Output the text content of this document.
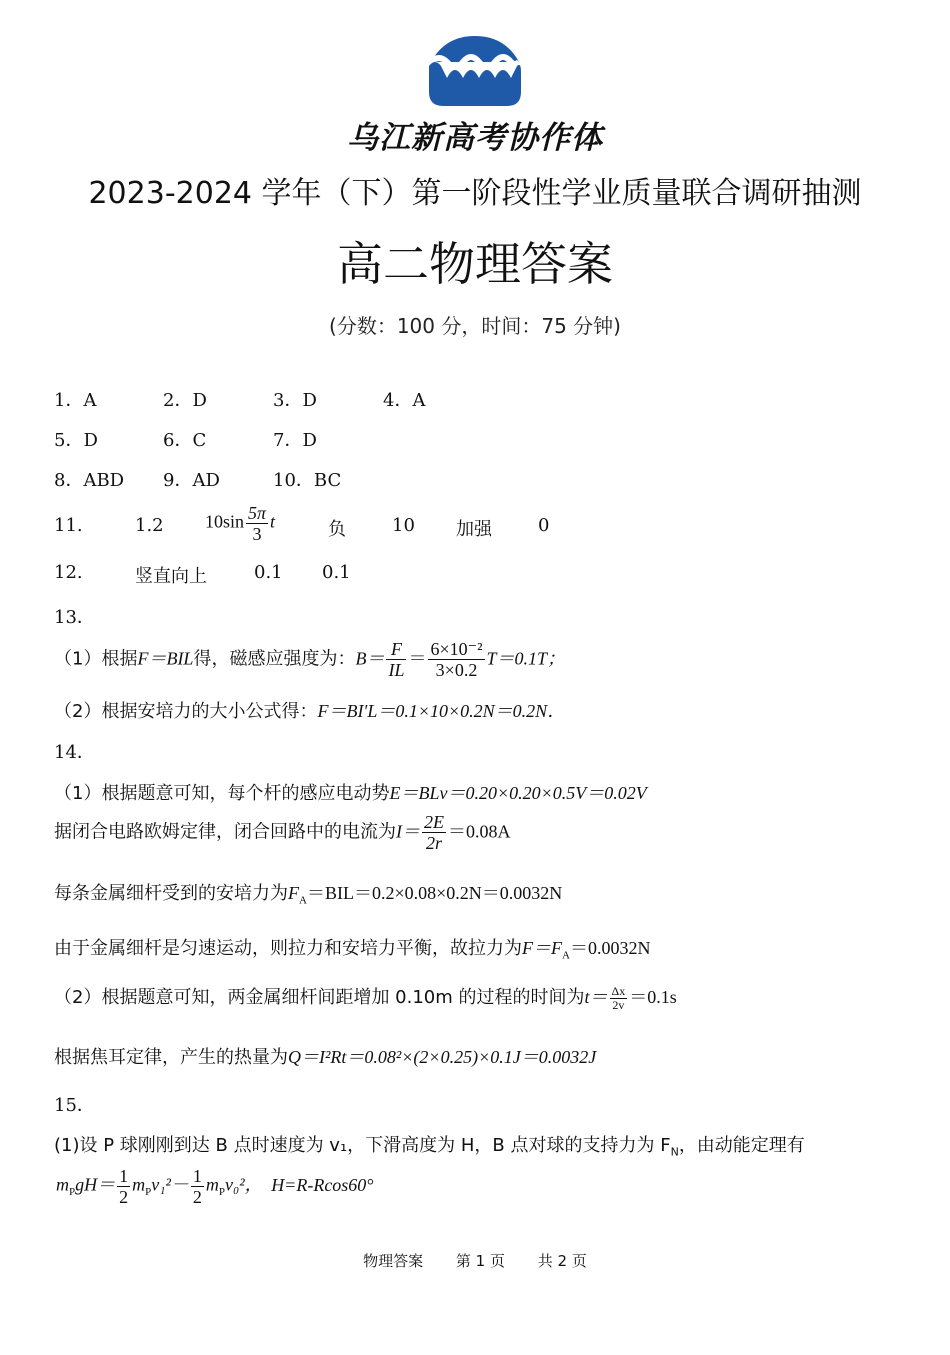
乌江新高考协作体
2023-2024 学年（下）第一阶段性学业质量联合调研抽测
高二物理答案
(分数：100 分，时间：75 分钟)
1．A	2．D	3．D	4．A
5．D	6．C	7．D
8．ABD 9．AD	10．BC
11.	1.2 $10\sin \frac{5\pi}{3}$ t	负	10 加强	0
12.	竖直向上	0.1 0.1
13．
（1）根据F＝BIL得，磁感应强度为：$B= \frac{F}{IL} = \frac{\text{6×10⁻²}}{3\times 0.2} T=0.1T$；
（2）根据安培力的大小公式得：F＝BI′L＝0.1×10×0.2N＝0.2N．
14．
（1）根据题意可知，每个杆的感应电动势E＝BLv＝0.20×0.20×0.5V＝0.02V
据闭合电路欧姆定律，闭合回路中的电流为$I= \frac{2E}{2r} =0.08A$
每条金属细杆受到的安培力为$F_A=BIL=0.2\times 0.08\times 0.2N=0.0032N$
由于金属细杆是匀速运动，则拉力和安培力平衡，故拉力为$F=F_A=0.0032N$
（2）根据题意可知，两金属细杆间距增加 0.10m 的过程的时间为$t= \frac{\Delta x}{2v} =0.1s$
根据焦耳定律，产生的热量为Q＝I²Rt＝0.08²×(2×0.25)×0.1J＝0.0032J
15．
(1)设 P 球刚刚到达 B 点时速度为 v₁，下滑高度为 H，B 点对球的支持力为 $F_N$，由动能定理有
$m_PgH= \frac{1}{2} m_Pv_1^2- \frac{1}{2} m_Pv_0^2$， H=R-Rcos60°
物理答案 第 1 页 共 2 页
